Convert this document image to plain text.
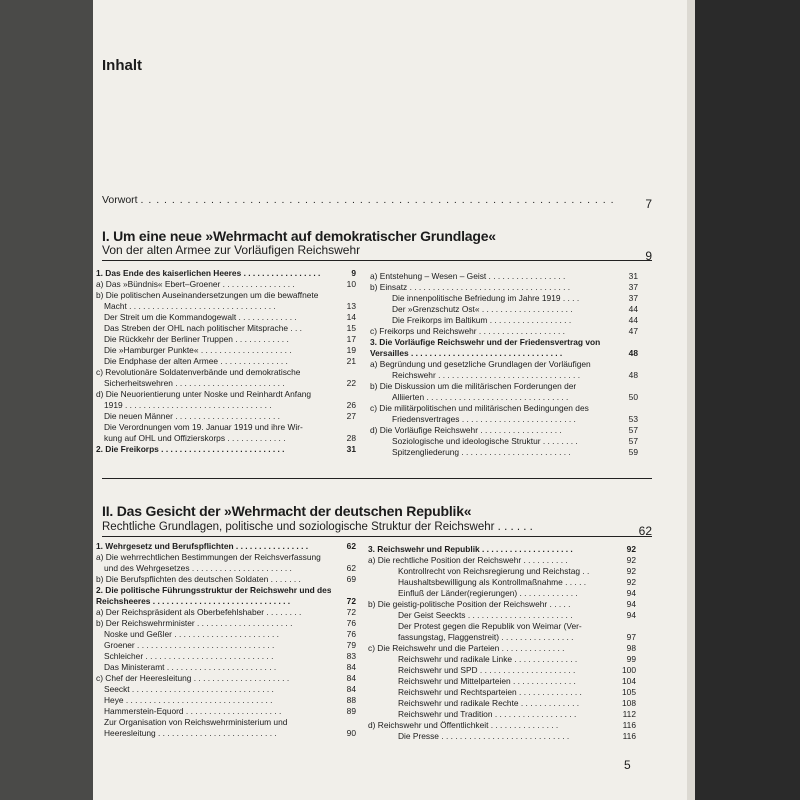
Inhalt
Vorwort . . . . . . . . . . . . . . . . . . . . . . . . . . . . . . . . . . . . . . . . . . . . . . . . . . . . . . . . . . . . .	7
I. Um eine neue »Wehrmacht auf demokratischer Grundlage«
Von der alten Armee zur Vorläufigen Reichswehr	9
1. Das Ende des kaiserlichen Heeres . . . . . . . . . . . . . . . . .	9
a) Das »Bündnis« Ebert–Groener . . . . . . . . . . . . . . . .	10
b) Die politischen Auseinandersetzungen um die bewaffnete
Macht . . . . . . . . . . . . . . . . . . . . . . . . . . . . . . . .	13
Der Streit um die Kommandogewalt . . . . . . . . . . . . .	14
Das Streben der OHL nach politischer Mitsprache . . .	15
Die Rückkehr der Berliner Truppen . . . . . . . . . . . .	17
Die »Hamburger Punkte« . . . . . . . . . . . . . . . . . . . .	19
Die Endphase der alten Armee . . . . . . . . . . . . . . .	21
c) Revolutionäre Soldatenverbände und demokratische
Sicherheitswehren . . . . . . . . . . . . . . . . . . . . . . . .	22
d) Die Neuorientierung unter Noske und Reinhardt Anfang
1919 . . . . . . . . . . . . . . . . . . . . . . . . . . . . . . . .	26
Die neuen Männer . . . . . . . . . . . . . . . . . . . . . . .	27
Die Verordnungen vom 19. Januar 1919 und ihre Wir-
kung auf OHL und Offizierskorps . . . . . . . . . . . . .	28
2. Die Freikorps . . . . . . . . . . . . . . . . . . . . . . . . . . .	31
a) Entstehung – Wesen – Geist . . . . . . . . . . . . . . . . .	31
b) Einsatz . . . . . . . . . . . . . . . . . . . . . . . . . . . . . . . . . . .	37
Die innenpolitische Befriedung im Jahre 1919 . . . .	37
Der »Grenzschutz Ost« . . . . . . . . . . . . . . . . . . . .	44
Die Freikorps im Baltikum . . . . . . . . . . . . . . . . . .	44
c) Freikorps und Reichswehr . . . . . . . . . . . . . . . . . . .	47
3. Die Vorläufige Reichswehr und der Friedensvertrag von
Versailles . . . . . . . . . . . . . . . . . . . . . . . . . . . . . . . . .	48
a) Begründung und gesetzliche Grundlagen der Vorläufigen
Reichswehr . . . . . . . . . . . . . . . . . . . . . . . . . . . . . . .	48
b) Die Diskussion um die militärischen Forderungen der
Alliierten . . . . . . . . . . . . . . . . . . . . . . . . . . . . . . .	50
c) Die militärpolitischen und militärischen Bedingungen des
Friedensvertrages . . . . . . . . . . . . . . . . . . . . . . . . .	53
d) Die Vorläufige Reichswehr . . . . . . . . . . . . . . . . . .	57
Soziologische und ideologische Struktur . . . . . . . .	57
Spitzengliederung . . . . . . . . . . . . . . . . . . . . . . . .	59
II. Das Gesicht der »Wehrmacht der deutschen Republik«
Rechtliche Grundlagen, politische und soziologische Struktur der Reichswehr . . . . . .	62
1. Wehrgesetz und Berufspflichten . . . . . . . . . . . . . . . .	62
a) Die wehrrechtlichen Bestimmungen der Reichsverfassung
und des Wehrgesetzes . . . . . . . . . . . . . . . . . . . . . .	62
b) Die Berufspflichten des deutschen Soldaten . . . . . . .	69
2. Die politische Führungsstruktur der Reichswehr und des
Reichsheeres . . . . . . . . . . . . . . . . . . . . . . . . . . . . . .	72
a) Der Reichspräsident als Oberbefehlshaber . . . . . . . .	72
b) Der Reichswehrminister . . . . . . . . . . . . . . . . . . . . .	76
Noske und Geßler . . . . . . . . . . . . . . . . . . . . . . .	76
Groener . . . . . . . . . . . . . . . . . . . . . . . . . . . . . .	79
Schleicher . . . . . . . . . . . . . . . . . . . . . . . . . . . .	83
Das Ministeramt . . . . . . . . . . . . . . . . . . . . . . . .	84
c) Chef der Heeresleitung . . . . . . . . . . . . . . . . . . . . .	84
Seeckt . . . . . . . . . . . . . . . . . . . . . . . . . . . . . . .	84
Heye . . . . . . . . . . . . . . . . . . . . . . . . . . . . . . . .	88
Hammerstein-Equord . . . . . . . . . . . . . . . . . . . . .	89
Zur Organisation von Reichswehrministerium und
Heeresleitung . . . . . . . . . . . . . . . . . . . . . . . . . .	90
3. Reichswehr und Republik . . . . . . . . . . . . . . . . . . . .	92
a) Die rechtliche Position der Reichswehr . . . . . . . . . .	92
Kontrollrecht von Reichsregierung und Reichstag . .	92
Haushaltsbewilligung als Kontrollmaßnahme . . . . .	92
Einfluß der Länder(regierungen) . . . . . . . . . . . . .	94
b) Die geistig-politische Position der Reichswehr . . . . .	94
Der Geist Seeckts . . . . . . . . . . . . . . . . . . . . . . .	94
Der Protest gegen die Republik von Weimar (Ver-
fassungstag, Flaggenstreit) . . . . . . . . . . . . . . . .	97
c) Die Reichswehr und die Parteien . . . . . . . . . . . . . .	98
Reichswehr und radikale Linke . . . . . . . . . . . . . .	99
Reichswehr und SPD . . . . . . . . . . . . . . . . . . . . .	100
Reichswehr und Mittelparteien . . . . . . . . . . . . . .	104
Reichswehr und Rechtsparteien . . . . . . . . . . . . . .	105
Reichswehr und radikale Rechte . . . . . . . . . . . . .	108
Reichswehr und Tradition . . . . . . . . . . . . . . . . . .	112
d) Reichswehr und Öffentlichkeit . . . . . . . . . . . . . . .	116
Die Presse . . . . . . . . . . . . . . . . . . . . . . . . . . . .	116
5
